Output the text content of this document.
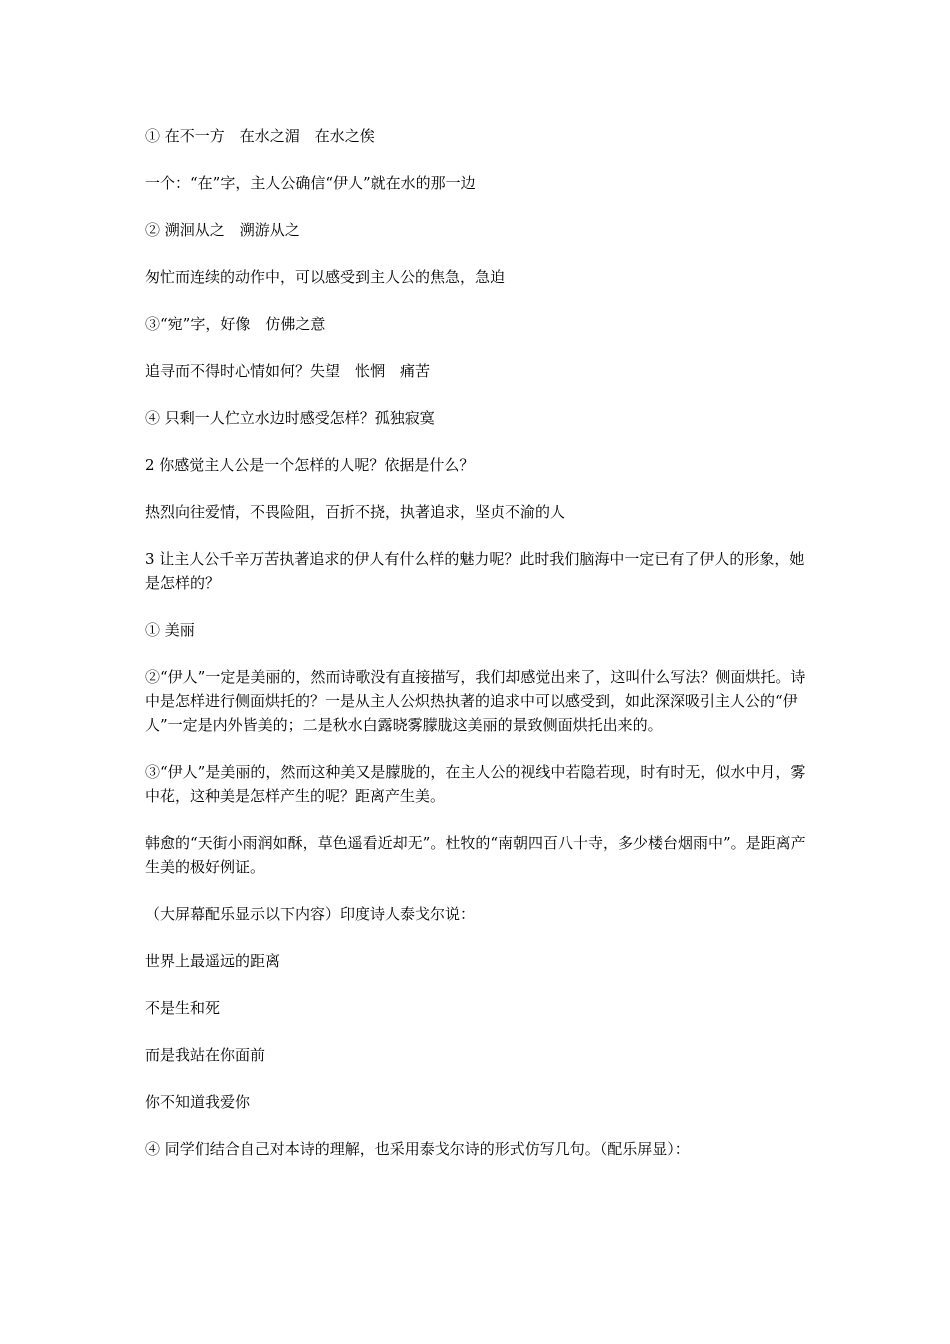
① 在不一方　在水之湄　在水之俟

一个：“在”字，主人公确信“伊人”就在水的那一边

② 溯洄从之　溯游从之

匆忙而连续的动作中，可以感受到主人公的焦急，急迫

③“宛”字，好像　仿佛之意

追寻而不得时心情如何？失望　怅惘　痛苦

④ 只剩一人伫立水边时感受怎样？孤独寂寞

2 你感觉主人公是一个怎样的人呢？依据是什么？

热烈向往爱情，不畏险阻，百折不挠，执著追求，坚贞不渝的人

3 让主人公千辛万苦执著追求的伊人有什么样的魅力呢？此时我们脑海中一定已有了伊人的形象，她是怎样的？

① 美丽

②“伊人”一定是美丽的，然而诗歌没有直接描写，我们却感觉出来了，这叫什么写法？侧面烘托。诗中是怎样进行侧面烘托的？一是从主人公炽热执著的追求中可以感受到，如此深深吸引主人公的“伊人”一定是内外皆美的；二是秋水白露晓雾朦胧这美丽的景致侧面烘托出来的。

③“伊人”是美丽的，然而这种美又是朦胧的，在主人公的视线中若隐若现，时有时无，似水中月，雾中花，这种美是怎样产生的呢？距离产生美。

韩愈的“天街小雨润如酥，草色遥看近却无”。杜牧的“南朝四百八十寺，多少楼台烟雨中”。是距离产生美的极好例证。

（大屏幕配乐显示以下内容）印度诗人泰戈尔说：

世界上最遥远的距离

不是生和死

而是我站在你面前

你不知道我爱你

④ 同学们结合自己对本诗的理解，也采用泰戈尔诗的形式仿写几句。（配乐屏显）：
